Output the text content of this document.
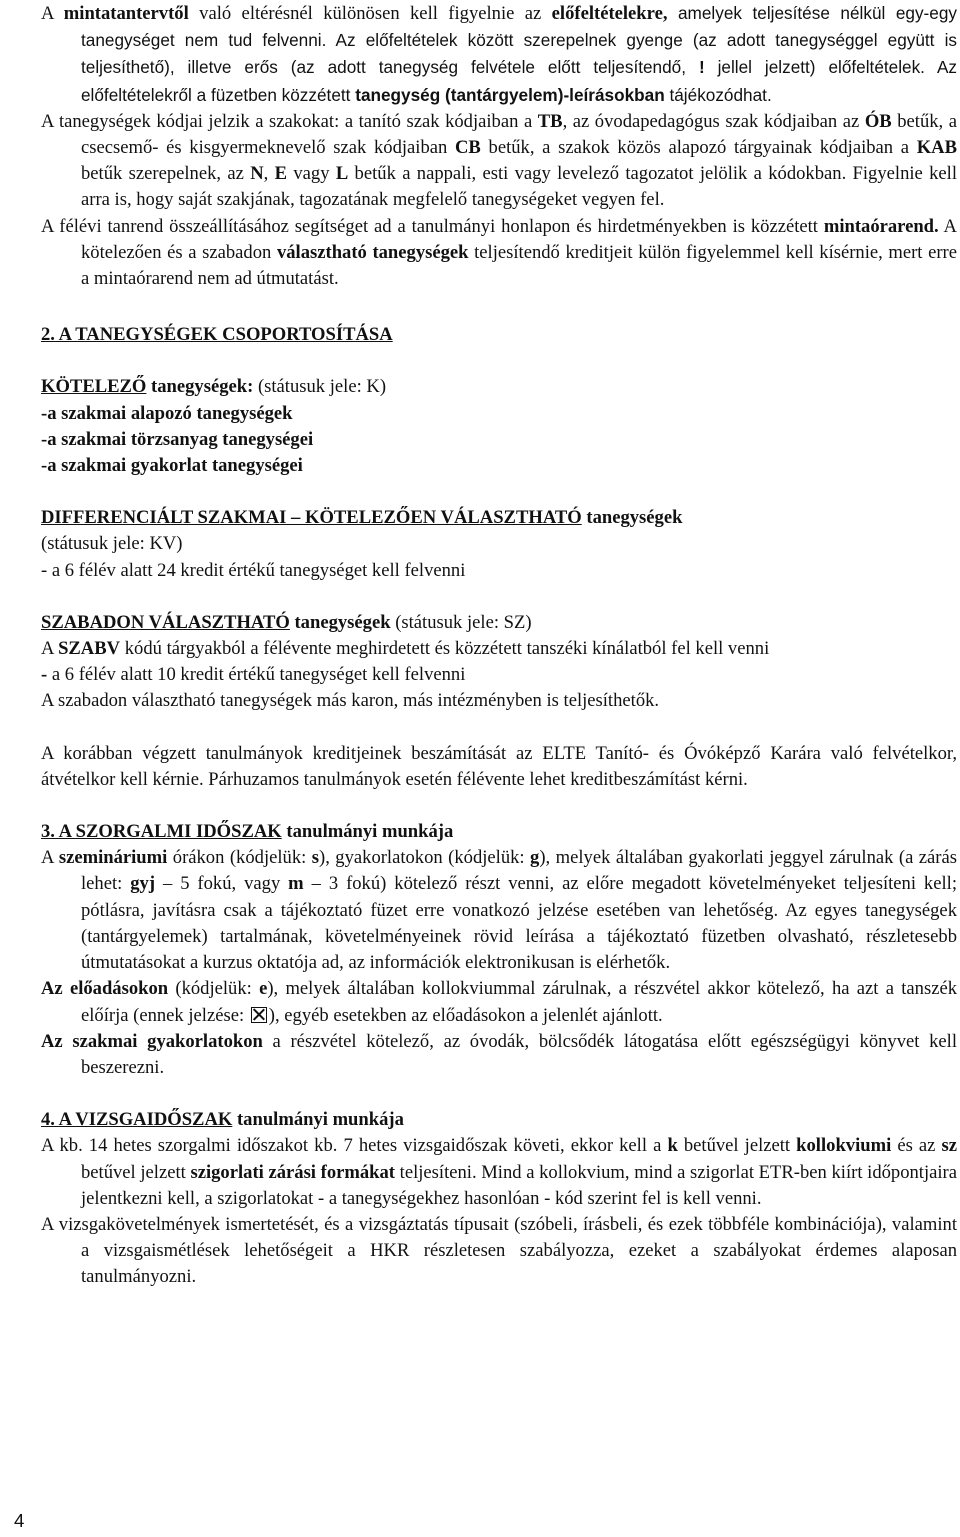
A mintatantervtől való eltérésnél különösen kell figyelnie az előfeltételekre, amelyek teljesítése nélkül egy-egy tanegységet nem tud felvenni. Az előfeltételek között szerepelnek gyenge (az adott tanegységgel együtt is teljesíthető), illetve erős (az adott tanegység felvétele előtt teljesítendő, ! jellel jelzett) előfeltételek. Az előfeltételekről a füzetben közzétett tanegység (tantárgyelem)-leírásokban tájékozódhat.

A tanegységek kódjai jelzik a szakokat: a tanító szak kódjaiban a TB, az óvodapedagógus szak kódjaiban az ÓB betűk, a csecsemő- és kisgyermeknevelő szak kódjaiban CB betűk, a szakok közös alapozó tárgyainak kódjaiban a KAB betűk szerepelnek, az N, E vagy L betűk a nappali, esti vagy levelező tagozatot jelölik a kódokban. Figyelnie kell arra is, hogy saját szakjának, tagozatának megfelelő tanegységeket vegyen fel.

A félévi tanrend összeállításához segítséget ad a tanulmányi honlapon és hirdetményekben is közzétett mintaórarend. A kötelezően és a szabadon választható tanegységek teljesítendő kreditjeit külön figyelemmel kell kísérnie, mert erre a mintaórarend nem ad útmutatást.

2. A TANEGYSÉGEK CSOPORTOSÍTÁSA

KÖTELEZŐ tanegységek: (státusuk jele: K)

-a szakmai alapozó tanegységek

-a szakmai törzsanyag tanegységei

-a szakmai gyakorlat tanegységei

DIFFERENCIÁLT SZAKMAI – KÖTELEZŐEN VÁLASZTHATÓ tanegységek

(státusuk jele: KV)

- a 6 félév alatt 24 kredit értékű tanegységet kell felvenni

SZABADON VÁLASZTHATÓ tanegységek (státusuk jele: SZ)

A SZABV kódú tárgyakból a félévente meghirdetett és közzétett tanszéki kínálatból fel kell venni

- a 6 félév alatt 10 kredit értékű tanegységet kell felvenni

A szabadon választható tanegységek más karon, más intézményben is teljesíthetők.

A korábban végzett tanulmányok kreditjeinek beszámítását az ELTE Tanító- és Óvóképző Karára való felvételkor, átvételkor kell kérnie. Párhuzamos tanulmányok esetén félévente lehet kreditbeszámítást kérni.

3. A SZORGALMI IDŐSZAK tanulmányi munkája

A szemináriumi órákon (kódjelük: s), gyakorlatokon (kódjelük: g), melyek általában gyakorlati jeggyel zárulnak (a zárás lehet: gyj – 5 fokú, vagy m – 3 fokú) kötelező részt venni, az előre megadott követelményeket teljesíteni kell; pótlásra, javításra csak a tájékoztató füzet erre vonatkozó jelzése esetében van lehetőség. Az egyes tanegységek (tantárgyelemek) tartalmának, követelményeinek rövid leírása a tájékoztató füzetben olvasható, részletesebb útmutatásokat a kurzus oktatója ad, az információk elektronikusan is elérhetők.

Az előadásokon (kódjelük: e), melyek általában kollokviummal zárulnak, a részvétel akkor kötelező, ha azt a tanszék előírja (ennek jelzése: ), egyéb esetekben az előadásokon a jelenlét ajánlott.

Az szakmai gyakorlatokon a részvétel kötelező, az óvodák, bölcsődék látogatása előtt egészségügyi könyvet kell beszerezni.

4. A VIZSGAIDŐSZAK tanulmányi munkája

A kb. 14 hetes szorgalmi időszakot kb. 7 hetes vizsgaidőszak követi, ekkor kell a k betűvel jelzett kollokviumi és az sz betűvel jelzett szigorlati zárási formákat teljesíteni. Mind a kollokvium, mind a szigorlat ETR-ben kiírt időpontjaira jelentkezni kell, a szigorlatokat - a tanegységekhez hasonlóan - kód szerint fel is kell venni.

A vizsgakövetelmények ismertetését, és a vizsgáztatás típusait (szóbeli, írásbeli, és ezek többféle kombinációja), valamint a vizsgaismétlések lehetőségeit a HKR részletesen szabályozza, ezeket a szabályokat érdemes alaposan tanulmányozni.

4
